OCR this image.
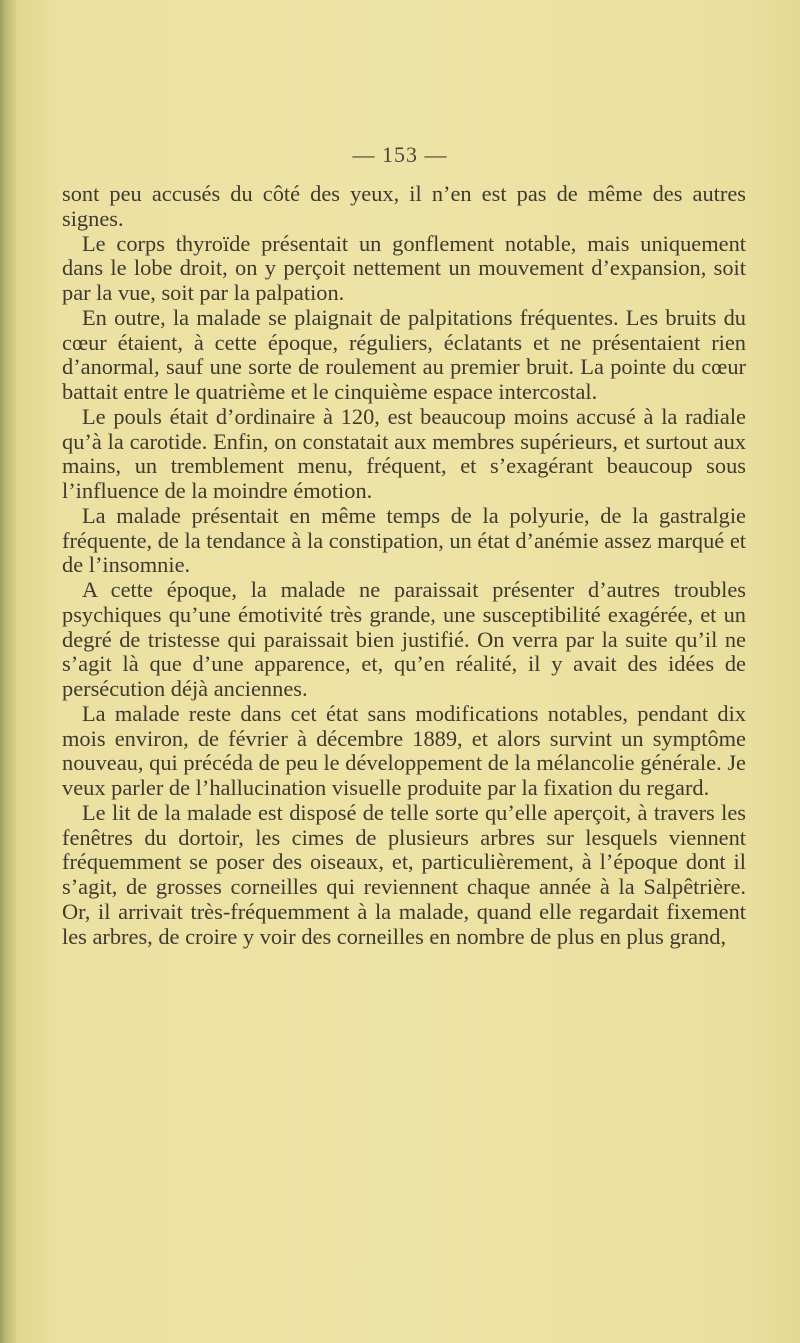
— 153 —

sont peu accusés du côté des yeux, il n’en est pas de même des autres signes.

Le corps thyroïde présentait un gonflement notable, mais uniquement dans le lobe droit, on y perçoit nettement un mouvement d’expansion, soit par la vue, soit par la palpation.

En outre, la malade se plaignait de palpitations fréquentes. Les bruits du cœur étaient, à cette époque, réguliers, éclatants et ne présentaient rien d’anormal, sauf une sorte de roulement au premier bruit. La pointe du cœur battait entre le quatrième et le cinquième espace intercostal.

Le pouls était d’ordinaire à 120, est beaucoup moins accusé à la radiale qu’à la carotide. Enfin, on constatait aux membres supérieurs, et surtout aux mains, un tremblement menu, fréquent, et s’exagérant beaucoup sous l’influence de la moindre émotion.

La malade présentait en même temps de la polyurie, de la gastralgie fréquente, de la tendance à la constipation, un état d’anémie assez marqué et de l’insomnie.

A cette époque, la malade ne paraissait présenter d’autres troubles psychiques qu’une émotivité très grande, une susceptibilité exagérée, et un degré de tristesse qui paraissait bien justifié. On verra par la suite qu’il ne s’agit là que d’une apparence, et, qu’en réalité, il y avait des idées de persécution déjà anciennes.

La malade reste dans cet état sans modifications notables, pendant dix mois environ, de février à décembre 1889, et alors survint un symptôme nouveau, qui précéda de peu le développement de la mélancolie générale. Je veux parler de l’hallucination visuelle produite par la fixation du regard.

Le lit de la malade est disposé de telle sorte qu’elle aperçoit, à travers les fenêtres du dortoir, les cimes de plusieurs arbres sur lesquels viennent fréquemment se poser des oiseaux, et, particulièrement, à l’époque dont il s’agit, de grosses corneilles qui reviennent chaque année à la Salpêtrière. Or, il arrivait très-fréquemment à la malade, quand elle regardait fixement les arbres, de croire y voir des corneilles en nombre de plus en plus grand,
